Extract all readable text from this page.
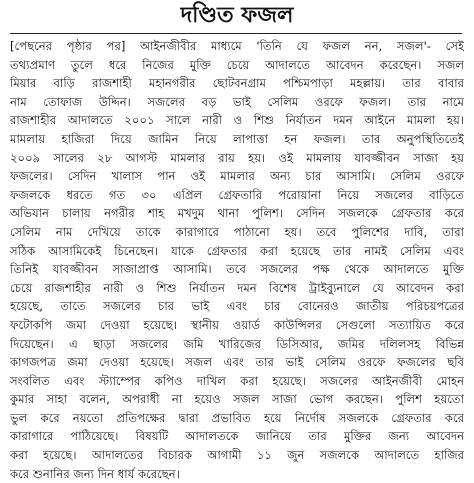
দণ্ডিত ফজল
[পেছনের পৃষ্ঠার পর] আইনজীবীর মাধ্যমে 'তিনি যে ফজল নন, সজল'- সেই
তথ্যপ্রমাণ তুলে ধরে নিজের মুক্তি চেয়ে আদালতে আবেদন করেছেন। সজল
মিয়ার বাড়ি রাজশাহী মহানগরীর ছোটবনগ্রাম পশ্চিমপাড়া মহল্লায়। তার বাবার
নাম তোফাজ উদ্দিন। সজলের বড় ভাই সেলিম ওরফে ফজল। তার নামে
রাজশাহীর আদালতে ২০০১ সালে নারী ও শিশু নির্যাতন দমন আইনে মামলা হয়।
মামলায় হাজিরা দিয়ে জামিন নিয়ে লাপাত্তা হন ফজল। তার অনুপস্থিতিতেই
২০০৯ সালের ২৮ আগস্ট মামলার রায় হয়। ওই মামলায় যাবজ্জীবন সাজা হয়
ফজলের। সেদিন খালাস পান ওই মামলার অন্য চার আসামি। সেলিম ওরফে
ফজলকে ধরতে গত ৩০ এপ্রিল গ্রেফতারি পরোয়ানা নিয়ে সজলের বাড়িতে
অভিযান চালায় নগরীর শাহ মখদুম থানা পুলিশ। সেদিন সজলকে গ্রেফতার করে
সেলিম নাম দেখিয়ে তাকে কারাগারে পাঠানো হয়। তবে পুলিশের দাবি, তারা
সঠিক আসামিকেই চিনেছেন। যাকে গ্রেফতার করা হয়েছে তার নামই সেলিম এবং
তিনিই যাবজ্জীবন সাজাপ্রাপ্ত আসামি। তবে সজলের পক্ষ থেকে আদালতে মুক্তি
চেয়ে রাজশাহীর নারী ও শিশু নির্যাতন দমন বিশেষ ট্রাইব্যুনালে যে আবেদন করা
হয়েছে, তাতে সজলের চার ভাই এবং চার বোনেরও জাতীয় পরিচয়পত্রের
ফটোকপি জমা দেওয়া হয়েছে। স্থানীয় ওয়ার্ড কাউন্সিলর সেগুলো সত্যায়িত করে
দিয়েছেন। এ ছাড়া সজলের জমি খারিজের ডিসিআর, জমির দলিলসহ বিভিন্ন
কাগজপত্র জমা দেওয়া হয়েছে। সজল এবং তার ভাই সেলিম ওরফে ফজলের ছবি
সংবলিত এবং স্ট্যাম্পের কপিও দাখিল করা হয়েছে। সজলের আইনজীবী মোহন
কুমার সাহা বলেন, অপরাধী না হয়েও সজল সাজা ভোগ করছেন। পুলিশ হয়তো
ভুল করে নয়তো প্রতিপক্ষের দ্বারা প্রভাবিত হয়ে নির্দোষ সজলকে গ্রেফতার করে
কারাগারে পাঠিয়েছে। বিষয়টি আদালতকে জানিয়ে তার মুক্তির জন্য আবেদন
করা হয়েছে। আদালতের বিচারক আগামী ১১ জুন সজলকে আদালতে হাজির
করে শুনানির জন্য দিন ধার্য করেছেন।
